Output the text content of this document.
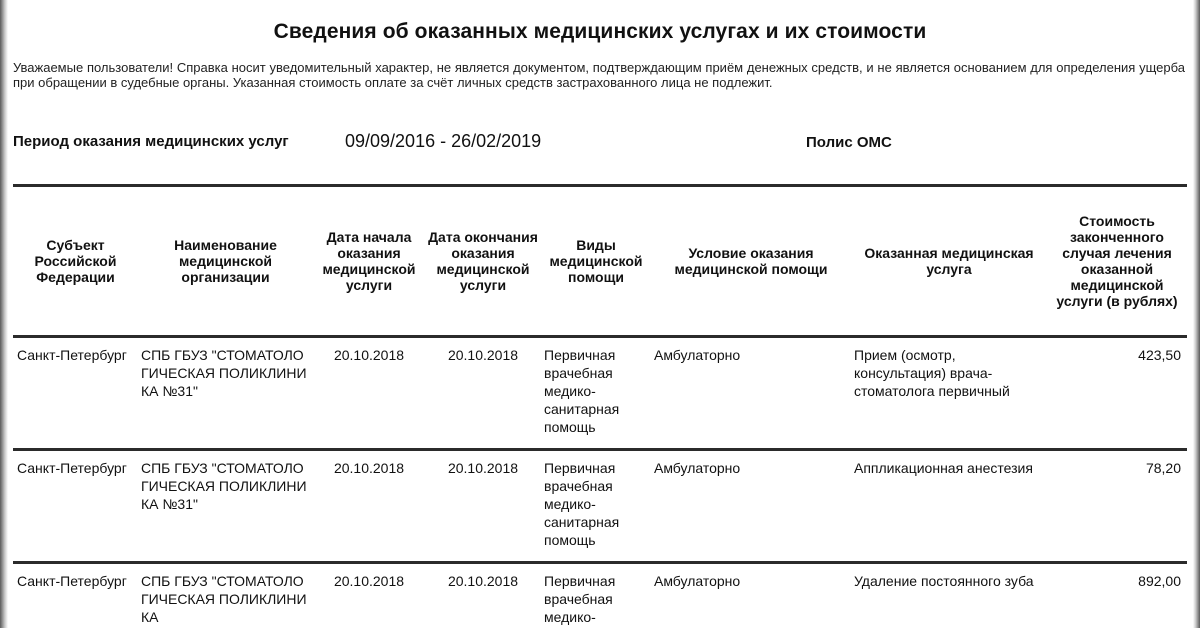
Сведения об оказанных медицинских услугах и их стоимости
Уважаемые пользователи! Справка носит уведомительный характер, не является документом, подтверждающим приём денежных средств, и не является основанием для определения ущерба при обращении в судебные органы. Указанная стоимость оплате за счёт личных средств застрахованного лица не подлежит.
Период оказания медицинских услуг	09/09/2016 - 26/02/2019	Полис ОМС
Субъект Российской Федерации	Наименование медицинской организации	Дата начала оказания медицинской услуги	Дата окончания оказания медицинской услуги	Виды медицинской помощи	Условие оказания медицинской помощи	Оказанная медицинская услуга	Стоимость законченного случая лечения оказанной медицинской услуги (в рублях)
Санкт-Петербург	СПБ ГБУЗ "СТОМАТОЛОГИЧЕСКАЯ ПОЛИКЛИНИКА №31"	20.10.2018	20.10.2018	Первичная врачебная медико-санитарная помощь	Амбулаторно	Прием (осмотр, консультация) врача-стоматолога первичный	423,50
Санкт-Петербург	СПБ ГБУЗ "СТОМАТОЛОГИЧЕСКАЯ ПОЛИКЛИНИКА №31"	20.10.2018	20.10.2018	Первичная врачебная медико-санитарная помощь	Амбулаторно	Аппликационная анестезия	78,20
Санкт-Петербург	СПБ ГБУЗ "СТОМАТОЛОГИЧЕСКАЯ ПОЛИКЛИНИКА	20.10.2018	20.10.2018	Первичная врачебная медико-	Амбулаторно	Удаление постоянного зуба	892,00
